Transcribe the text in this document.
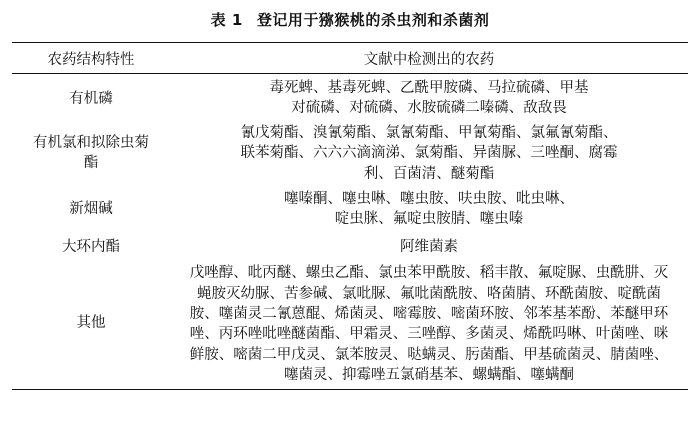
表 1 登记用于猕猴桃的杀虫剂和杀菌剂
农药结构特性	文献中检测出的农药
有机磷	毒死蜱、基毒死蜱、乙酰甲胺磷、马拉硫磷、甲基对硫磷、对硫磷、水胺硫磷二嗪磷、敌敌畏
有机氯和拟除虫菊酯	氰戊菊酯、溴氰菊酯、氯氰菊酯、甲氰菊酯、氯氟氰菊酯、联苯菊酯、六六六滴滴涕、氯菊酯、异菌脲、三唑酮、腐霉利、百菌清、醚菊酯
新烟碱	噻嗪酮、噻虫啉、噻虫胺、呋虫胺、吡虫啉、啶虫脒、氟啶虫胺腈、噻虫嗪
大环内酯	阿维菌素
其他	戊唑醇、吡丙醚、螺虫乙酯、氯虫苯甲酰胺、稻丰散、氟啶脲、虫酰肼、灭蝇胺灭幼脲、苦参碱、氯吡脲、氟吡菌酰胺、咯菌腈、环酰菌胺、啶酰菌胺、噻菌灵二氰蒽醌、烯菌灵、嘧霉胺、嘧菌环胺、邻苯基苯酚、苯醚甲环唑、丙环唑吡唑醚菌酯、甲霜灵、三唑醇、多菌灵、烯酰吗啉、叶菌唑、咪鲜胺、嘧菌二甲戊灵、氯苯胺灵、哒螨灵、肟菌酯、甲基硫菌灵、腈菌唑、噻菌灵、抑霉唑五氯硝基苯、螺螨酯、噻螨酮
